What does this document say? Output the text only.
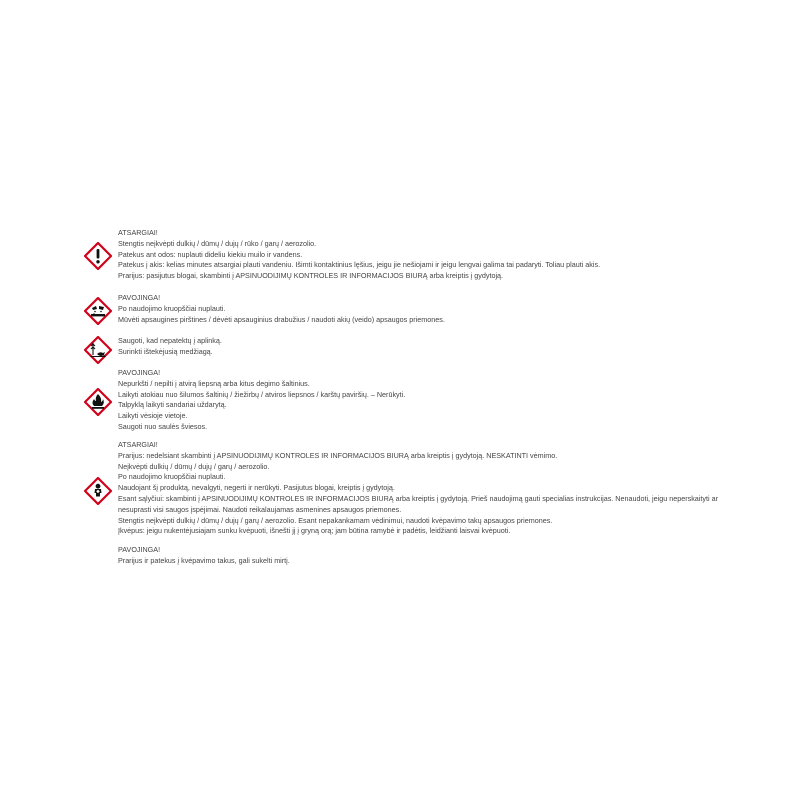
ATSARGIAI!
Stengtis neįkvėpti dulkių / dūmų / dujų / rūko / garų / aerozolio.
Patekus ant odos: nuplauti dideliu kiekiu muilo ir vandens.
Patekus į akis: kelias minutes atsargiai plauti vandeniu. Išimti kontaktinius lęšius, jeigu jie nešiojami ir jeigu lengvai galima tai padaryti. Toliau plauti akis.
Prarijus: pasijutus blogai, skambinti į APSINUODIJIMŲ KONTROLES IR INFORMACIJOS BIURĄ arba kreiptis į gydytoją.
PAVOJINGA!
Po naudojimo kruopščiai nuplauti.
Mūvėti apsaugines pirštines / dėvėti apsauginius drabužius / naudoti akių (veido) apsaugos priemones.
Saugoti, kad nepatektų į aplinką.
Surinkti ištekėjusią medžiagą.
PAVOJINGA!
Nepurkšti / nepilti į atvirą liepsną arba kitus degimo šaltinius.
Laikyti atokiau nuo šilumos šaltinių / žiežirbų / atviros liepsnos / karštų paviršių. – Nerūkyti.
Talpyklą laikyti sandariai uždarytą.
Laikyti vėsioje vietoje.
Saugoti nuo saulės šviesos.
ATSARGIAI!
Prarijus: nedelsiant skambinti į APSINUODIJIMŲ KONTROLES IR INFORMACIJOS BIURĄ arba kreiptis į gydytoją. NESKATINTI vėmimo.
Neįkvėpti dulkių / dūmų / dujų / garų / aerozolio.
Po naudojimo kruopščiai nuplauti.
Naudojant šį produktą, nevalgyti, negerti ir nerūkyti. Pasijutus blogai, kreiptis į gydytoją.
Esant sąlyčiui: skambinti į APSINUODIJIMŲ KONTROLES IR INFORMACIJOS BIURĄ arba kreiptis į gydytoją. Prieš naudojimą gauti specialias instrukcijas. Nenaudoti, jeigu neperskaityti ar
nesuprasti visi saugos įspėjimai. Naudoti reikalaujamas asmenines apsaugos priemones.
Stengtis neįkvėpti dulkių / dūmų / dujų / garų / aerozolio. Esant nepakankamam vėdinimui, naudoti kvėpavimo takų apsaugos priemones.
Įkvėpus: jeigu nukentėjusiajam sunku kvėpuoti, išnešti jį į gryną orą; jam būtina ramybė ir padėtis, leidžianti laisvai kvėpuoti.
PAVOJINGA!
Prarijus ir patekus į kvėpavimo takus, gali sukelti mirtį.
